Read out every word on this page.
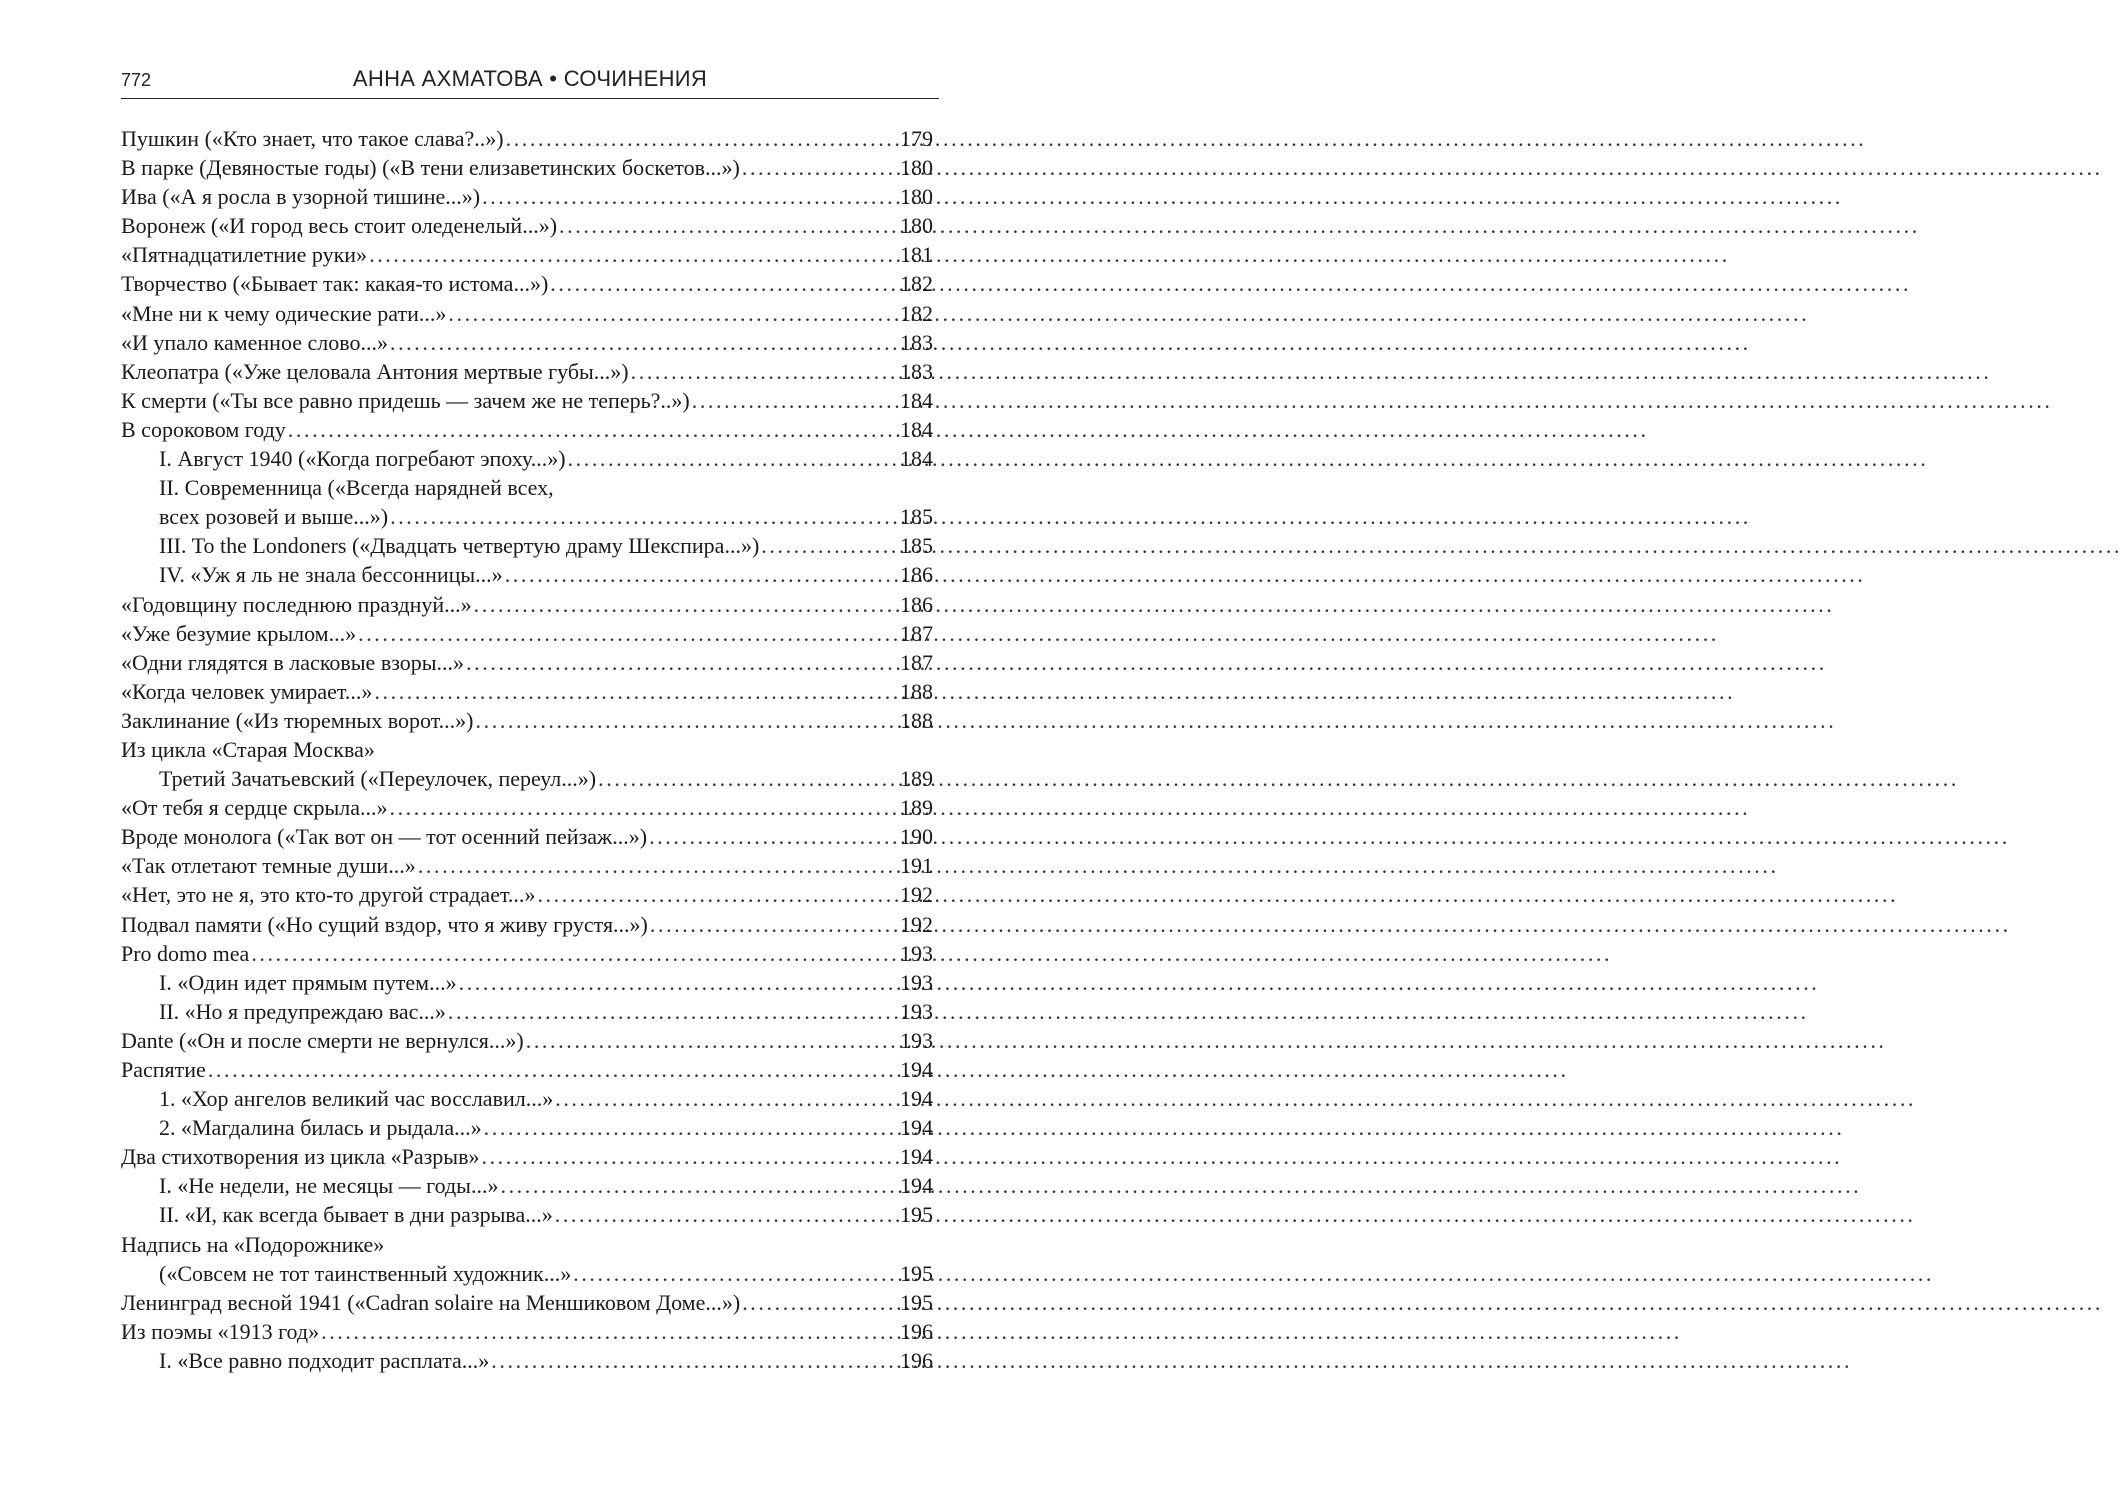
772	АННА АХМАТОВА • СОЧИНЕНИЯ
Пушкин («Кто знает, что такое слава?..») .....	179
В парке (Девяностые годы) («В тени елизаветинских боскетов...») .....	180
Ива («А я росла в узорной тишине...») .....	180
Воронеж («И город весь стоит оледенелый...») .....	180
«Пятнадцатилетние руки» .....	181
Творчество («Бывает так: какая-то истома...») .....	182
«Мне ни к чему одические рати...» .....	182
«И упало каменное слово...» .....	183
Клеопатра («Уже целовала Антония мертвые губы...») .....	183
К смерти («Ты все равно придешь — зачем же не теперь?..») .....	184
В сороковом году .....	184
I. Август 1940 («Когда погребают эпоху...») .....	184
II. Современница («Всегда нарядней всех,
всех розовей и выше...») .....	185
III. To the Londoners («Двадцать четвертую драму Шекспира...») .....	185
IV. «Уж я ль не знала бессонницы...» .....	186
«Годовщину последнюю празднуй...» .....	186
«Уже безумие крылом...» .....	187
«Одни глядятся в ласковые взоры...» .....	187
«Когда человек умирает...» .....	188
Заклинание («Из тюремных ворот...») .....	188
Из цикла «Старая Москва»
Третий Зачатьевский («Переулочек, переул...») .....	189
«От тебя я сердце скрыла...» .....	189
Вроде монолога («Так вот он — тот осенний пейзаж...») .....	190
«Так отлетают темные души...» .....	191
«Нет, это не я, это кто-то другой страдает...» .....	192
Подвал памяти («Но сущий вздор, что я живу грустя...») .....	192
Pro domo mea .....	193
I. «Один идет прямым путем...» .....	193
II. «Но я предупреждаю вас...» .....	193
Dante («Он и после смерти не вернулся...») .....	193
Распятие .....	194
1. «Хор ангелов великий час восславил...» .....	194
2. «Магдалина билась и рыдала...» .....	194
Два стихотворения из цикла «Разрыв» .....	194
I. «Не недели, не месяцы — годы...» .....	194
II. «И, как всегда бывает в дни разрыва...» .....	195
Надпись на «Подорожнике»
(«Совсем не тот таинственный художник...» .....	195
Ленинград весной 1941 («Cadran solaire на Меншиковом Доме...») .....	195
Из поэмы «1913 год» .....	196
I. «Все равно подходит расплата...» .....	196
